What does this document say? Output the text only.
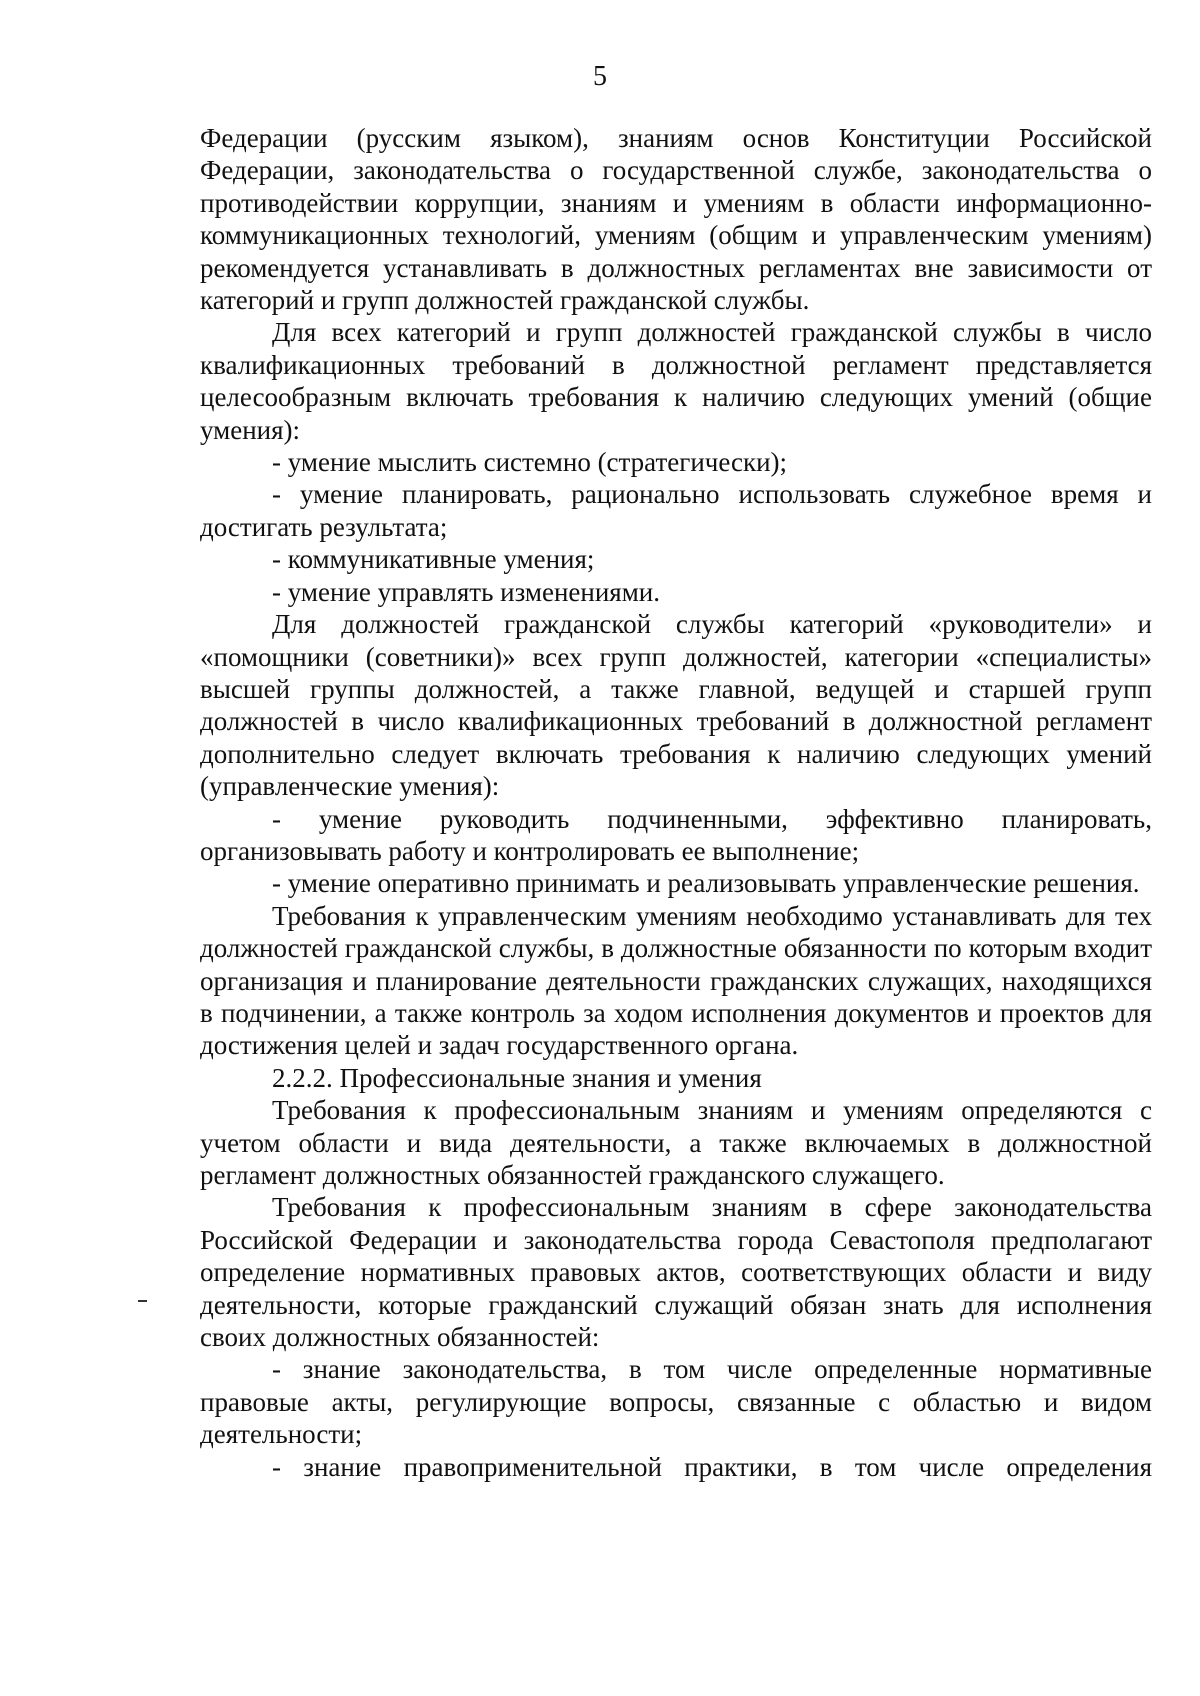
5

Федерации (русским языком), знаниям основ Конституции Российской Федерации, законодательства о государственной службе, законодательства о противодействии коррупции, знаниям и умениям в области информационно-коммуникационных технологий, умениям (общим и управленческим умениям) рекомендуется устанавливать в должностных регламентах вне зависимости от категорий и групп должностей гражданской службы.

Для всех категорий и групп должностей гражданской службы в число квалификационных требований в должностной регламент представляется целесообразным включать требования к наличию следующих умений (общие умения):

- умение мыслить системно (стратегически);

- умение планировать, рационально использовать служебное время и достигать результата;

- коммуникативные умения;

- умение управлять изменениями.

Для должностей гражданской службы категорий «руководители» и «помощники (советники)» всех групп должностей, категории «специалисты» высшей группы должностей, а также главной, ведущей и старшей групп должностей в число квалификационных требований в должностной регламент дополнительно следует включать требования к наличию следующих умений (управленческие умения):

- умение руководить подчиненными, эффективно планировать, организовывать работу и контролировать ее выполнение;

- умение оперативно принимать и реализовывать управленческие решения.

Требования к управленческим умениям необходимо устанавливать для тех должностей гражданской службы, в должностные обязанности по которым входит организация и планирование деятельности гражданских служащих, находящихся в подчинении, а также контроль за ходом исполнения документов и проектов для достижения целей и задач государственного органа.

2.2.2. Профессиональные знания и умения

Требования к профессиональным знаниям и умениям определяются с учетом области и вида деятельности, а также включаемых в должностной регламент должностных обязанностей гражданского служащего.

Требования к профессиональным знаниям в сфере законодательства Российской Федерации и законодательства города Севастополя предполагают определение нормативных правовых актов, соответствующих области и виду деятельности, которые гражданский служащий обязан знать для исполнения своих должностных обязанностей:

- знание законодательства, в том числе определенные нормативные правовые акты, регулирующие вопросы, связанные с областью и видом деятельности;

- знание правоприменительной практики, в том числе определения
